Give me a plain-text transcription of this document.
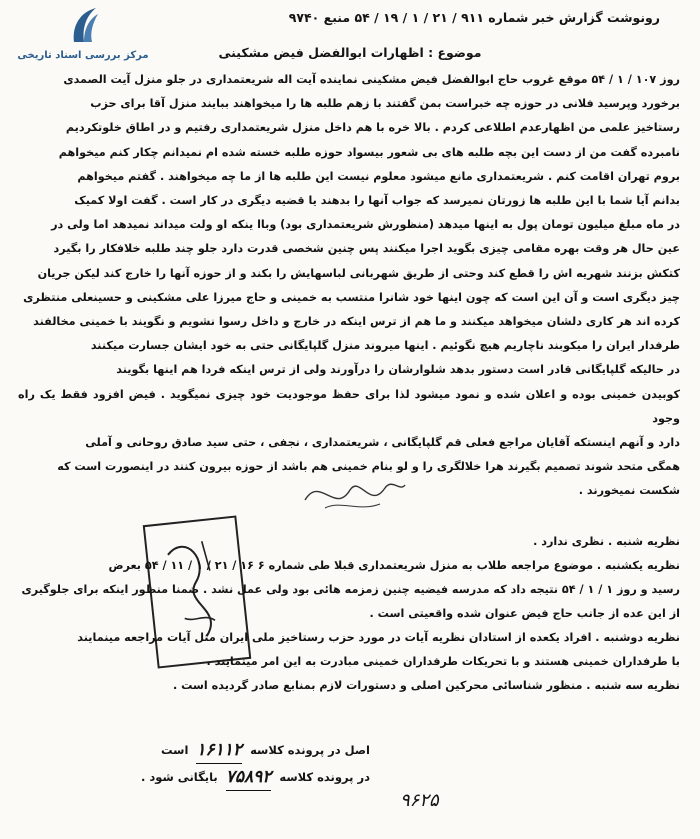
مرکز بررسی اسناد تاریخی
رونوشت گزارش خبر شماره ۹۱۱ / ۲۱ / ۱ / ۱۹ / ۵۴ منبع ۹۷۴۰
موضوع : اظهارات ابوالفضل فیض مشکینی

روز ۱۰۷ / ۱ / ۵۴ موقع غروب حاج ابوالفضل فیض مشکینی نماینده آیت اله شریعتمداری در جلو منزل آیت الصمدی

برخورد وپرسید فلانی در حوزه چه خبراست بمن گفتند با زهم طلبه ها را میخواهند ببایند منزل آقا برای حزب

رستاخیز علمی من اظهارعدم اطلاعی کردم . بالا خره با هم داخل منزل شریعتمداری رفتیم و در اطاق خلوتکردیم

نامبرده گفت من از دست این بچه طلبه های بی شعور بیسواد حوزه طلبه خسته شده ام نمیدانم چکار کنم میخواهم

بروم تهران اقامت کنم . شریعتمداری مانع میشود معلوم نیست این طلبه ها از ما چه میخواهند . گفتم میخواهم

بدانم آیا شما با این طلبه ها زورتان نمیرسد که جواب آنها را بدهند یا قضیه دیگری در کار است . گفت اولا کمیک

در ماه مبلغ میلیون تومان پول به اینها میدهد (منظورش شریعتمداری بود) وباا ینکه او ولت میداند نمیدهد اما ولی در

عین حال هر وقت بهره مقامی چیزی بگوید اجرا میکنند پس چنین شخصی قدرت دارد جلو چند طلبه خلافکار را بگیرد

کتکش بزنند شهریه اش را قطع کند وحتی از طریق شهربانی لباسهایش را بکند و از حوزه آنها را خارج کند لیکن جریان

چیز دیگری است و آن این است که چون اینها خود شانرا منتسب به خمینی و حاج میرزا علی مشکینی و حسینعلی منتظری

کرده اند هر کاری دلشان میخواهد میکنند و ما هم از ترس اینکه در خارج و داخل رسوا نشویم و نگویند با خمینی مخالفند

طرفدار ایران را میکوبند ناچاریم هیچ نگوئیم . اینها میروند منزل گلپایگانی حتی به خود ایشان جسارت میکنند

در حالیکه گلپایگانی قادر است دستور بدهد شلوارشان را درآورند ولی از ترس اینکه فردا هم اینها بگویند

کوبیدن خمینی بوده و اعلان شده و نمود میشود لذا برای حفظ موجودیت خود چیزی نمیگوید . فیض افزود فقط یک راه وجود

دارد و آنهم اینستکه آقایان مراجع فعلی قم گلپایگانی ، شریعتمداری ، نجفی ، حتی سید صادق روحانی و آملی

همگی متحد شوند تصمیم بگیرند هرا خلالگری را و لو بنام خمینی هم باشد از حوزه بیرون کنند در اینصورت است که

شکست نمیخورند .

نظریه شنبه . نظری ندارد .

نظریه یکشنبه . موضوع مراجعه طلاب به منزل شریعتمداری قبلا طی شماره ۶ ۱۶ / ۲۱ / ۱ / ۱۱ / ۵۴ بعرض

رسید و روز ۱ / ۱ / ۵۴ نتیجه داد که مدرسه فیضیه چنین زمزمه هائی بود ولی عمل نشد . ضمنا منظور اینکه برای جلوگیری

از این عده از جانب حاج فیض عنوان شده واقعیتی است .

نظریه دوشنبه . افراد یکعده از استادان نظریه آیات در مورد حزب رستاخیز ملی ایران مثل آیات مراجعه مینمایند

با طرفداران خمینی هستند و با تحریکات طرفداران خمینی مبادرت به این امر مینمایند .

نظریه سه شنبه . منظور شناسائی محرکین اصلی و دستورات لازم بمنابع صادر گردیده است .

اصل در پرونده کلاسه
۱۶۱۱۲
است
در پرونده کلاسه
۷۵۸۹۲
بایگانی شود .
۹۶۲۵
